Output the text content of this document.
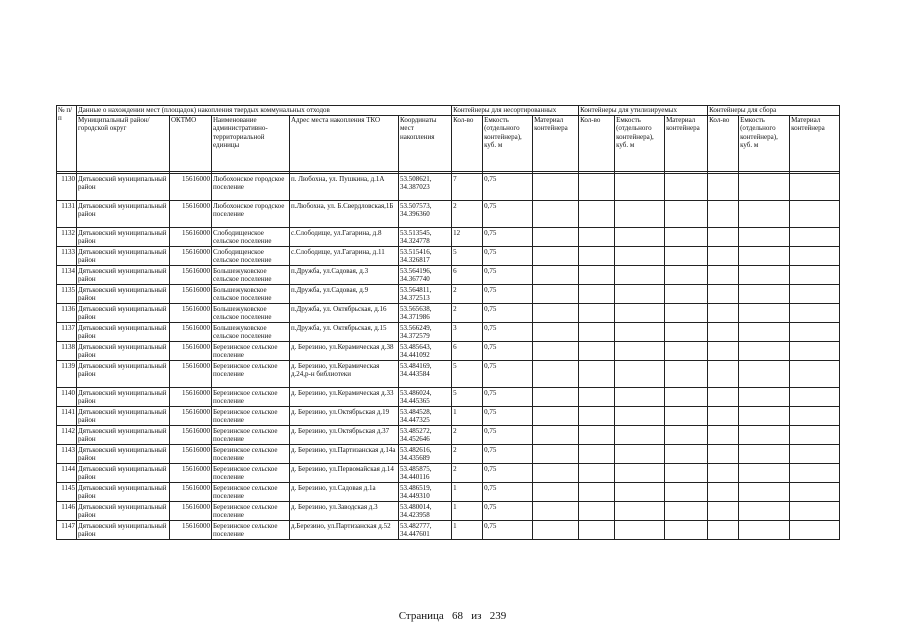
№ п/п	Данные о нахождении мест (площадок) накопления твердых коммунальных отходов					Контейнеры для несортированных			Контейнеры для утилизируемых			Контейнеры для сбора		
	Муниципальный район/городской округ	ОКТМО	Наименование административно-территориальной единицы	Адрес места накопления ТКО	Координаты мест накопления	Кол-во	Емкость (отдельного контейнера), куб. м	Материал контейнера	Кол-во	Емкость (отдельного контейнера), куб. м	Материал контейнера	Кол-во	Емкость (отдельного контейнера), куб. м	Материал контейнера

1130	Дятьковский муниципальный район	15616000	Любохонское городское поселение	п. Любохна, ул. Пушкина, д.1А	53.508621, 34.387023	7	0,75							
1131	Дятьковский муниципальный район	15616000	Любохонское городское поселение	п.Любохна, ул. Б.Свердловская,1Б	53.507573, 34.396360	2	0,75							
1132	Дятьковский муниципальный район	15616000	Слободищенское сельское поселение	с.Слободище, ул.Гагарина, д.8	53.513545, 34.324778	12	0,75							
1133	Дятьковский муниципальный район	15616000	Слободищенское сельское поселение	с.Слободище, ул.Гагарина, д.11	53.515416, 34.326817	5	0,75							
1134	Дятьковский муниципальный район	15616000	Большежуковское сельское поселение	п.Дружба, ул.Садовая, д.3	53.564196, 34.367740	6	0,75							
1135	Дятьковский муниципальный район	15616000	Большежуковское сельское поселение	п.Дружба, ул.Садовая, д.9	53.564811, 34.372513	2	0,75							
1136	Дятьковский муниципальный район	15616000	Большежуковское сельское поселение	п.Дружба, ул. Октябрьская, д.16	53.565638, 34.371986	2	0,75							
1137	Дятьковский муниципальный район	15616000	Большежуковское сельское поселение	п.Дружба, ул. Октябрьская, д.15	53.566249, 34.372579	3	0,75							
1138	Дятьковский муниципальный район	15616000	Березинское сельское поселение	д. Березино, ул.Керамическая д.38	53.485643, 34.441092	6	0,75							
1139	Дятьковский муниципальный район	15616000	Березинское сельское поселение	д. Березино, ул.Керамическая д.24,р-н библиотеки	53.484169, 34.443584	5	0,75							
1140	Дятьковский муниципальный район	15616000	Березинское сельское поселение	д. Березино, ул.Керамическая д.33	53.486024, 34.445365	5	0,75							
1141	Дятьковский муниципальный район	15616000	Березинское сельское поселение	д. Березино, ул.Октябрьская д.19	53.484528, 34.447325	1	0,75							
1142	Дятьковский муниципальный район	15616000	Березинское сельское поселение	д. Березино, ул.Октябрьская д.37	53.485272, 34.452646	2	0,75							
1143	Дятьковский муниципальный район	15616000	Березинское сельское поселение	д. Березино, ул.Партизанская д.14а	53.482616, 34.435689	2	0,75							
1144	Дятьковский муниципальный район	15616000	Березинское сельское поселение	д. Березино, ул.Первомайская д.14	53.485875, 34.440116	2	0,75							
1145	Дятьковский муниципальный район	15616000	Березинское сельское поселение	д. Березино, ул.Садовая д.1а	53.486519, 34.449310	1	0,75							
1146	Дятьковский муниципальный район	15616000	Березинское сельское поселение	д. Березино, ул.Заводская д.3	53.480014, 34.423958	1	0,75							
1147	Дятьковский муниципальный район	15616000	Березинское сельское поселение	д.Березино, ул.Партизанская д.52	53.482777, 34.447601	1	0,75							
Страница 68 из 239
